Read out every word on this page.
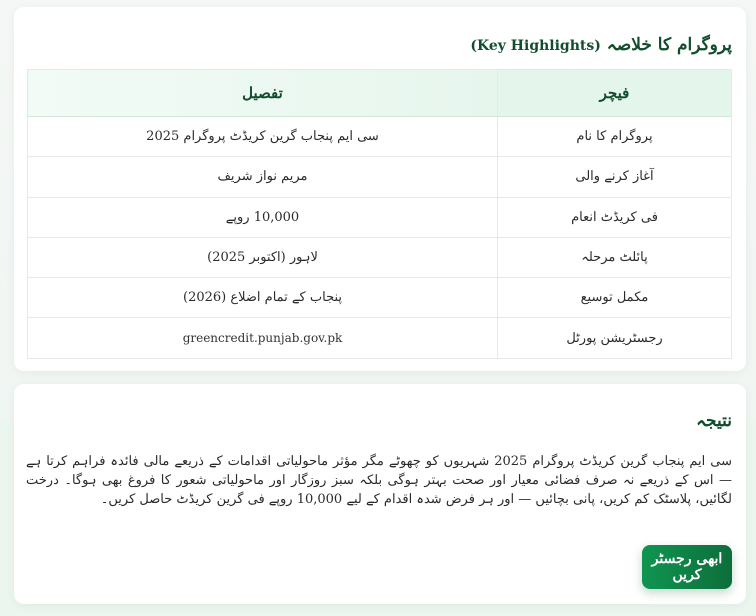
پروگرام کا خلاصہ (Key Highlights)
فیچر	تفصیل
پروگرام کا نام	سی ایم پنجاب گرین کریڈٹ پروگرام 2025
آغاز کرنے والی	مریم نواز شریف
فی کریڈٹ انعام	10,000 روپے
پائلٹ مرحلہ	لاہور (اکتوبر 2025)
مکمل توسیع	پنجاب کے تمام اضلاع (2026)
رجسٹریشن پورٹل	greencredit.punjab.gov.pk
نتیجہ

سی ایم پنجاب گرین کریڈٹ پروگرام 2025 شہریوں کو چھوٹے مگر مؤثر ماحولیاتی اقدامات کے ذریعے مالی فائدہ فراہم کرتا ہے — اس کے ذریعے نہ صرف فضائی معیار اور صحت بہتر ہوگی بلکہ سبز روزگار اور ماحولیاتی شعور کا فروغ بھی ہوگا۔ درخت لگائیں، پلاسٹک کم کریں، پانی بچائیں — اور ہر فرض شدہ اقدام کے لیے 10,000 روپے فی گرین کریڈٹ حاصل کریں۔

ابھی رجسٹر کریں
